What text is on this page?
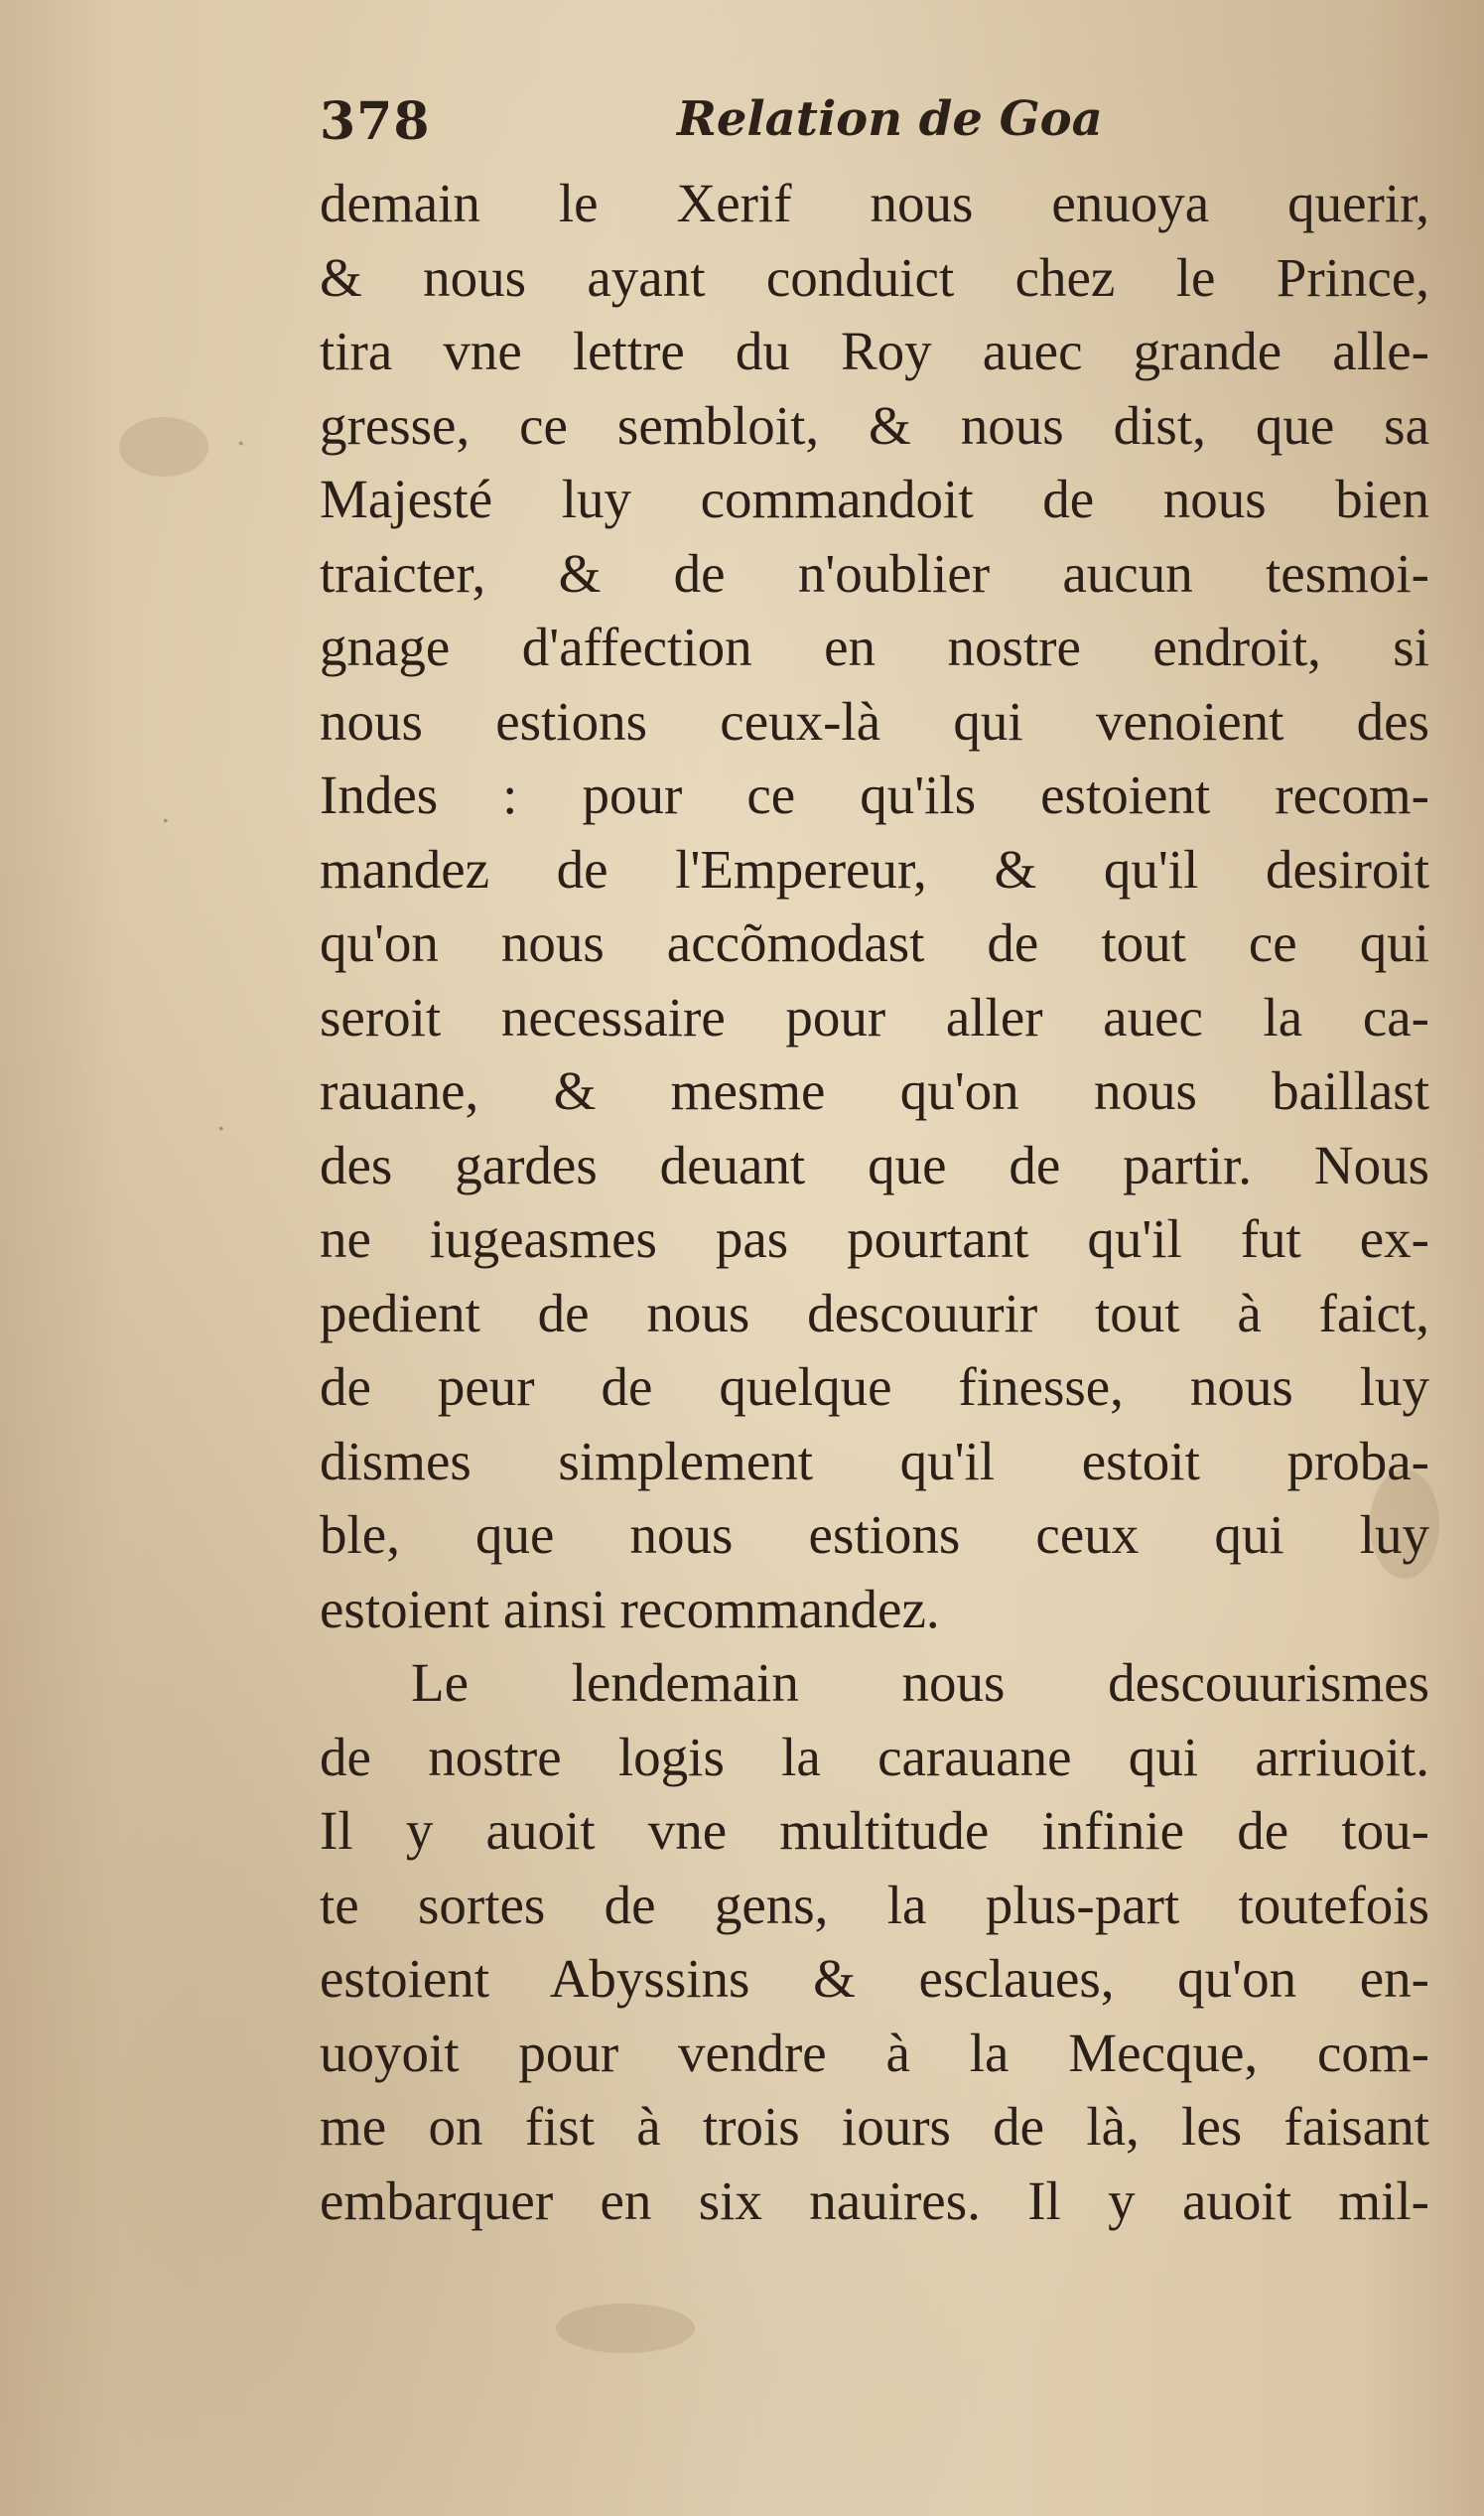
·
·
·
378	Relation de Goa
demain le Xerif nous enuoya querir,
& nous ayant conduict chez le Prince,
tira vne lettre du Roy auec grande alle-
gresse, ce sembloit, & nous dist, que sa
Majesté luy commandoit de nous bien
traicter, & de n'oublier aucun tesmoi-
gnage d'affection en nostre endroit, si
nous estions ceux-là qui venoient des
Indes : pour ce qu'ils estoient recom-
mandez de l'Empereur, & qu'il desiroit
qu'on nous accõmodast de tout ce qui
seroit necessaire pour aller auec la ca-
rauane, & mesme qu'on nous baillast
des gardes deuant que de partir. Nous
ne iugeasmes pas pourtant qu'il fut ex-
pedient de nous descouurir tout à faict,
de peur de quelque finesse, nous luy
dismes simplement qu'il estoit proba-
ble, que nous estions ceux qui luy
estoient ainsi recommandez.
Le lendemain nous descouurismes
de nostre logis la carauane qui arriuoit.
Il y auoit vne multitude infinie de tou-
te sortes de gens, la plus-part toutefois
estoient Abyssins & esclaues, qu'on en-
uoyoit pour vendre à la Mecque, com-
me on fist à trois iours de là, les faisant
embarquer en six nauires. Il y auoit mil-
